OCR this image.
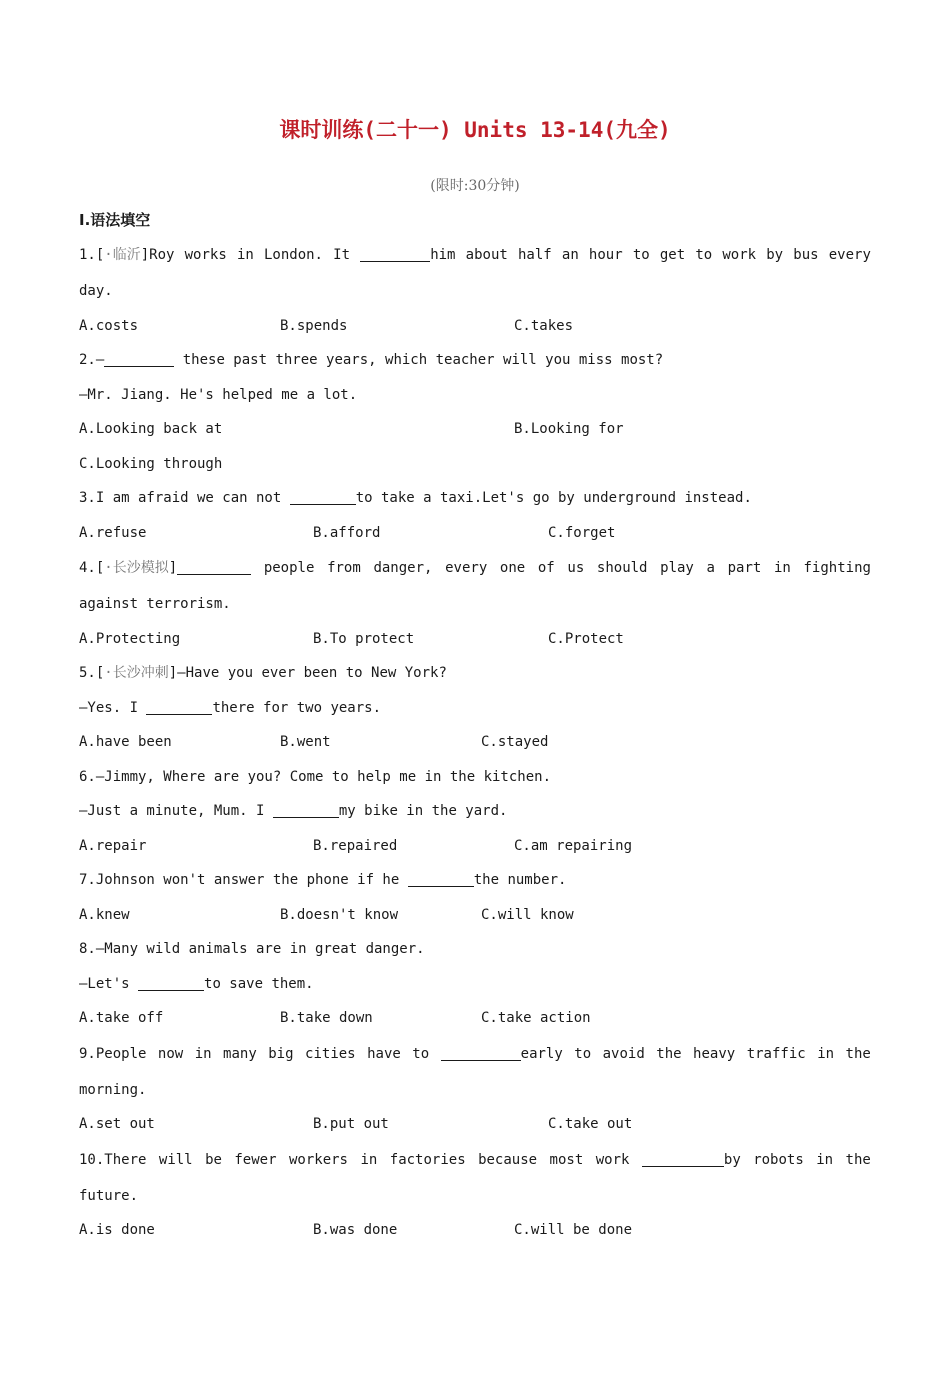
课时训练(二十一) Units 13-14(九全)
(限时:30分钟)
Ⅰ.语法填空
1.[·临沂]Roy works in London. It	him about half an hour to get to work by bus every
day.

A.costs

	B.spends

	C.takes

2.—	these past three years, which teacher will you miss most?
—Mr. Jiang. He's helped me a lot.

A.Looking back at

	B.Looking for

C.Looking through

3.I am afraid we can not	to take a taxi.Let's go by underground instead.

A.refuse

	B.afford

	C.forget

4.[·长沙模拟]	people from danger, every one of us should play a part in fighting
against terrorism.

A.Protecting

	B.To protect

	C.Protect

5.[·长沙冲刺]—Have you ever been to New York?
—Yes. I	there for two years.

A.have been

	B.went

	C.stayed

6.—Jimmy, Where are you? Come to help me in the kitchen.
—Just a minute, Mum. I	my bike in the yard.

A.repair

	B.repaired

	C.am repairing

7.Johnson won't answer the phone if he	the number.

A.knew

	B.doesn't know

	C.will know

8.—Many wild animals are in great danger.
—Let's	to save them.

A.take off

	B.take down

	C.take action

9.People now in many big cities have to	early to avoid the heavy traffic in the
morning.

A.set out

	B.put out

	C.take out

10.There will be fewer workers in factories because most work	by robots in the
future.

A.is done

	B.was done

	C.will be done
